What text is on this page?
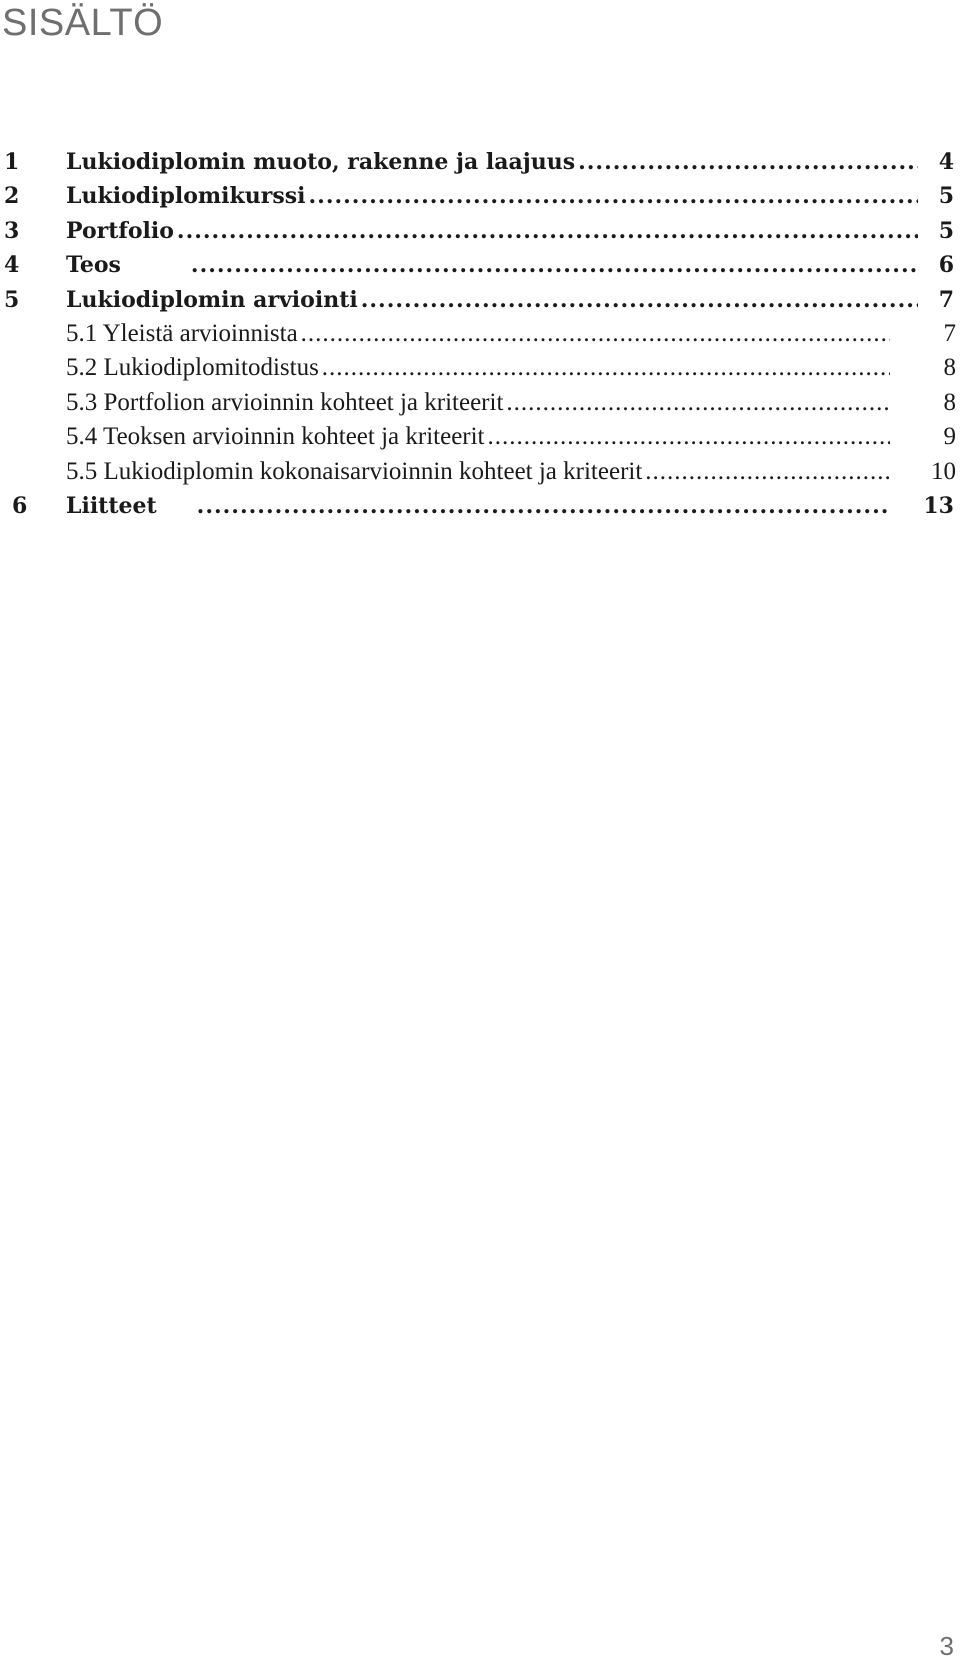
SISÄLTÖ
1 Lukiodiplomin muoto, rakenne ja laajuus .....	4
2 Lukiodiplomikurssi .....	5
3 Portfolio .....	5
4 Teos .....	6
5 Lukiodiplomin arviointi .....	7
5.1 Yleistä arvioinnista .....	7
5.2 Lukiodiplomitodistus .....	8
5.3 Portfolion arvioinnin kohteet ja kriteerit .....	8
5.4 Teoksen arvioinnin kohteet ja kriteerit .....	9
5.5 Lukiodiplomin kokonaisarvioinnin kohteet ja kriteerit .....	10
6 Liitteet .....	13

3
